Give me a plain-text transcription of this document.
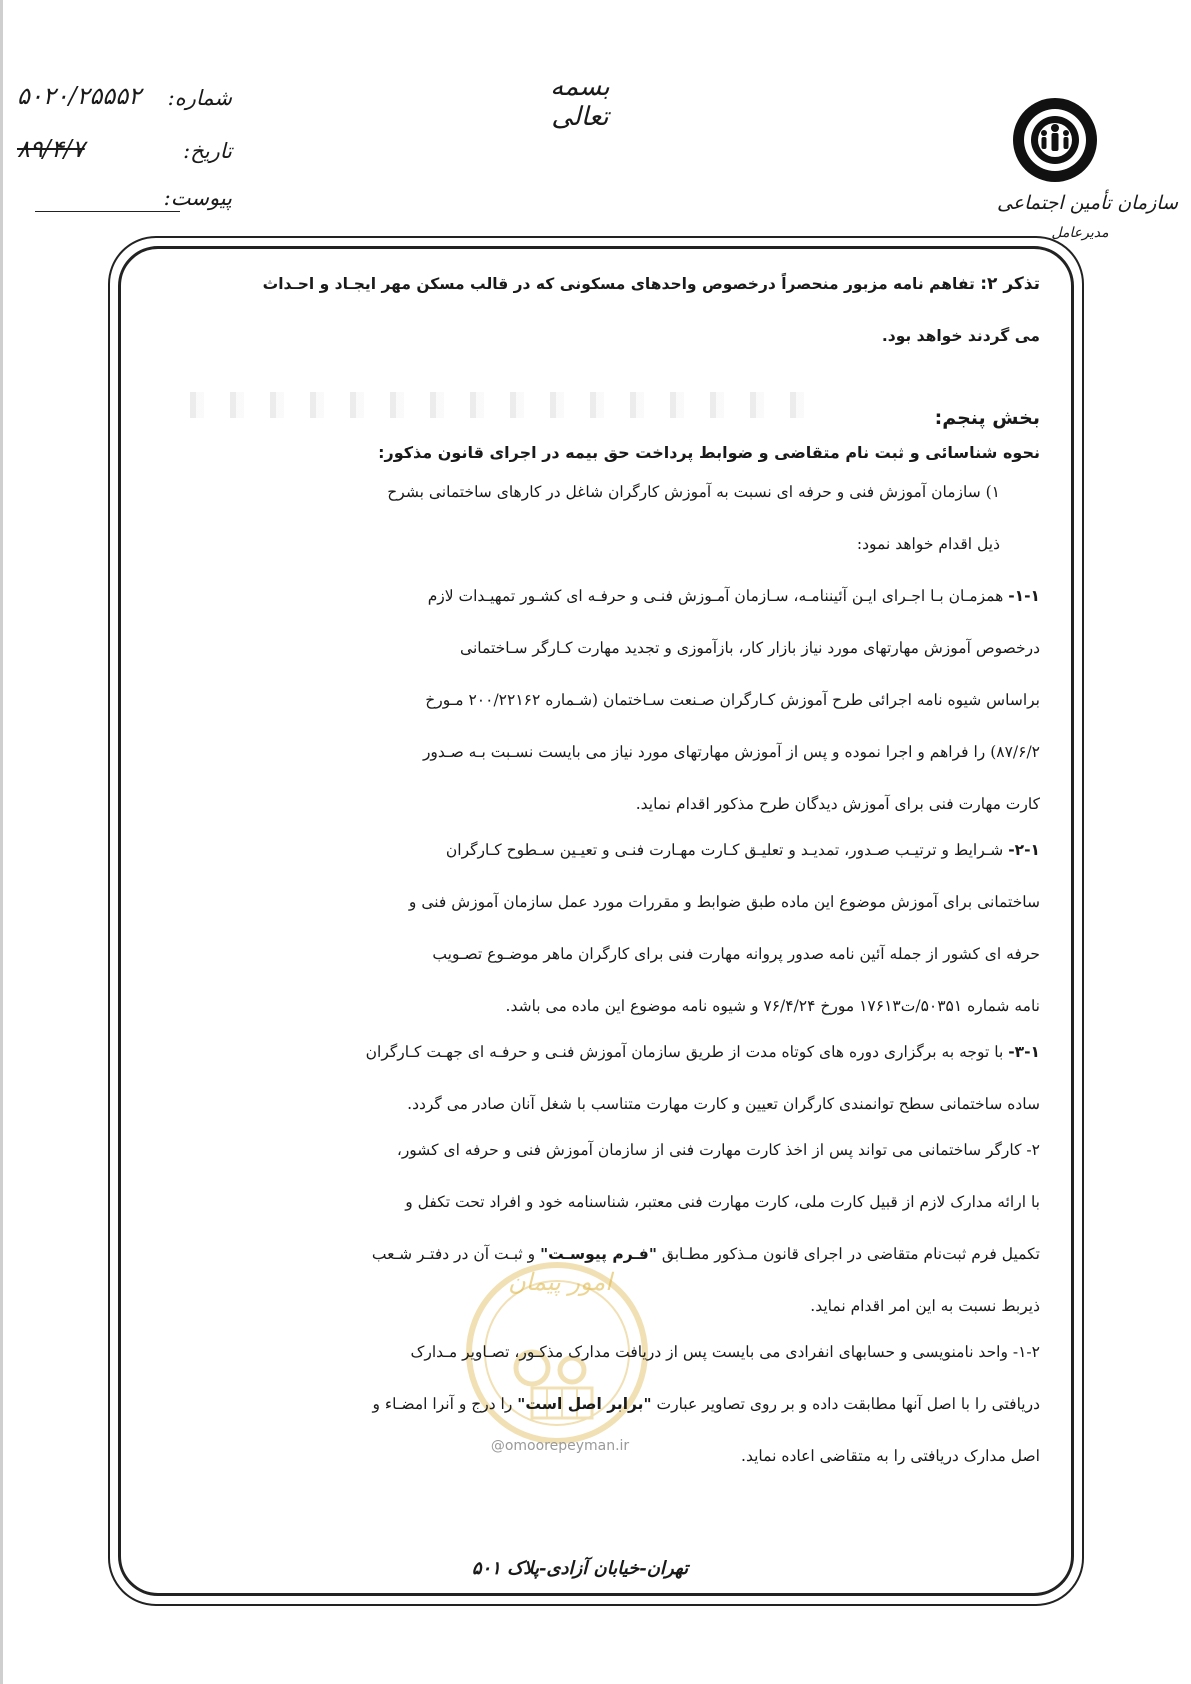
بسمه تعالی
شماره:
۵۰۲۰/۲۵۵۵۲
تاریخ:
۸۹/۴/۷
پیوست:	سازمان تأمین اجتماعی
مدیرعامل
امور پیمان
@omoorepeyman.ir

تذکر ۲: تفاهم نامه مزبور منحصراً درخصوص واحدهای مسکونی که در قالب مسکن مهر ایجـاد و احـداث

می گردند خواهد بود.

بخش پنجم:

نحوه شناسائی و ثبت نام متقاضی و ضوابط پرداخت حق بیمه در اجرای قانون مذکور:

۱) سازمان آموزش فنی و حرفه ای نسبت به آموزش کارگران شاغل در کارهای ساختمانی بشرح

ذیل اقدام خواهد نمود:

۱-۱- همزمـان بـا اجـرای ایـن آئیننامـه، سـازمان آمـوزش فنـی و حرفـه ای کشـور تمهیـدات لازم

درخصوص آموزش مهارتهای مورد نیاز بازار کار، بازآموزی و تجدید مهارت کـارگر سـاختمانی

براساس شیوه نامه اجرائی طرح آموزش کـارگران صـنعت سـاختمان (شـماره ۲۰۰/۲۲۱۶۲ مـورخ

۸۷/۶/۲) را فراهم و اجرا نموده و پس از آموزش مهارتهای مورد نیاز می بایست نسـبت بـه صـدور

کارت مهارت فنی برای آموزش دیدگان طرح مذکور اقدام نماید.

۲-۱- شـرایط و ترتیـب صـدور، تمدیـد و تعلیـق کـارت مهـارت فنـی و تعیـین سـطوح کـارگران

ساختمانی برای آموزش موضوع این ماده طبق ضوابط و مقررات مورد عمل سازمان آموزش فنی و

حرفه ای کشور از جمله آئین نامه صدور پروانه مهارت فنی برای کارگران ماهر موضـوع تصـویب

نامه شماره ۵۰۳۵۱/ت۱۷۶۱۳ مورخ ۷۶/۴/۲۴ و شیوه نامه موضوع این ماده می باشد.

۳-۱- با توجه به برگزاری دوره های کوتاه مدت از طریق سازمان آموزش فنـی و حرفـه ای جهـت کـارگران

ساده ساختمانی سطح توانمندی کارگران تعیین و کارت مهارت متناسب با شغل آنان صادر می گردد.

۲- کارگر ساختمانی می تواند پس از اخذ کارت مهارت فنی از سازمان آموزش فنی و حرفه ای کشور،

با ارائه مدارک لازم از قبیل کارت ملی، کارت مهارت فنی معتبر، شناسنامه خود و افراد تحت تکفل و

تکمیل فرم ثبت‌نام متقاضی در اجرای قانون مـذکور مطـابق "فـرم پیوسـت" و ثبـت آن در دفتـر شـعب

ذیربط نسبت به این امر اقدام نماید.

۱-۲- واحد نامنویسی و حسابهای انفرادی می بایست پس از دریافت مدارک مذکـور، تصـاویر مـدارک

دریافتی را با اصل آنها مطابقت داده و بر روی تصاویر عبارت "برابر اصل است" را درج و آنرا امضـاء و

اصل مدارک دریافتی را به متقاضی اعاده نماید.

تهران-خیابان آزادی-پلاک ۵۰۱
